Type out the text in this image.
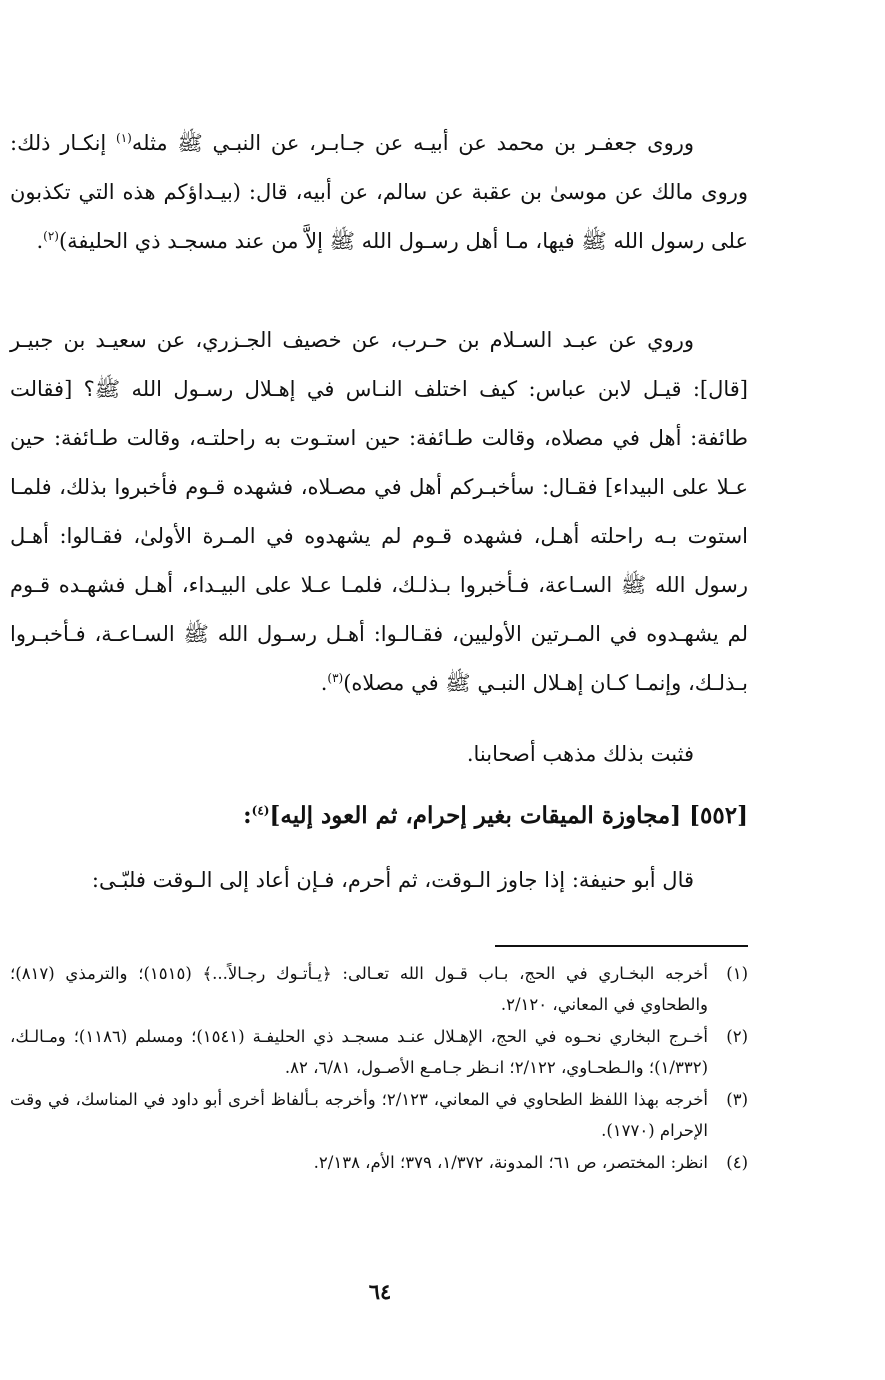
وروى جعفـر بن محمد عن أبيـه عن جـابـر، عن النبـي ﷺ مثله$^{(١)}$ إنكـار ذلك: وروى مالك عن موسىٰ بن عقبة عن سالم، عن أبيه، قال: (بيـداؤكم هذه التي تكذبون على رسول الله ﷺ فيها، مـا أهل رسـول الله ﷺ إلاَّ من عند مسجـد ذي الحليفة)$^{(٢)}$.

وروي عن عبـد السـلام بن حـرب، عن خصيف الجـزري، عن سعيـد بن جبيـر [قال]: قيـل لابن عباس: كيف اختلف النـاس في إهـلال رسـول الله ﷺ؟ [فقالت طائفة: أهل في مصلاه، وقالت طـائفة: حين استـوت به راحلتـه، وقالت طـائفة: حين عـلا على البيداء] فقـال: سأخبـركم أهل في مصـلاه، فشهده قـوم فأخبروا بذلك، فلمـا استوت بـه راحلته أهـل، فشهده قـوم لم يشهدوه في المـرة الأولىٰ، فقـالوا: أهـل رسول الله ﷺ السـاعة، فـأخبروا بـذلـك، فلمـا عـلا على البيـداء، أهـل فشهـده قـوم لم يشهـدوه في المـرتين الأوليين، فقـالـوا: أهـل رسـول الله ﷺ السـاعـة، فـأخبـروا بـذلـك، وإنمـا كـان إهـلال النبـي ﷺ في مصلاه)$^{(٣)}$.

فثبت بذلك مذهب أصحابنا.

[٥٥٢] [مجاوزة الميقات بغير إحرام، ثم العود إليه]$^{(٤)}$:

قال أبو حنيفة: إذا جاوز الـوقت، ثم أحرم، فـإن أعاد إلى الـوقت فلبّـى:

(١)
أخرجه البخـاري في الحج، بـاب قـول الله تعـالى: ﴿يـأتـوك رجـالاً...﴾ (١٥١٥)؛ والترمذي (٨١٧)؛ والطحاوي في المعاني، ٢/١٢٠.
(٢)
أخـرج البخاري نحـوه في الحج، الإهـلال عنـد مسجـد ذي الحليفـة (١٥٤١)؛ ومسلم (١١٨٦)؛ ومـالـك، (١/٣٣٢)؛ والـطحـاوي، ٢/١٢٢؛ انـظر جـامـع الأصـول، ٦/٨١، ٨٢.
(٣)
أخرجه بهذا اللفظ الطحاوي في المعاني، ٢/١٢٣؛ وأخرجه بـألفاظ أخرى أبو داود في المناسك، في وقت الإحرام (١٧٧٠).
(٤)
انظر: المختصر، ص ٦١؛ المدونة، ١/٣٧٢، ٣٧٩؛ الأم، ٢/١٣٨.
٦٤
